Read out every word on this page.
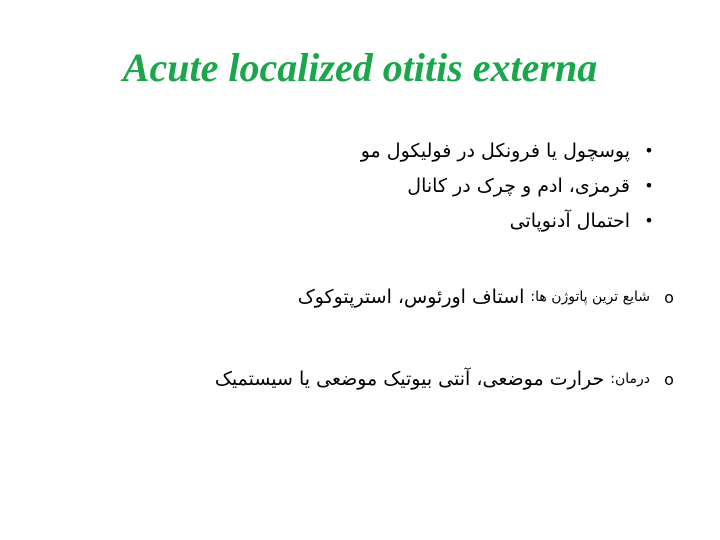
Acute localized otitis externa
•
پوسچول یا فرونکل در فولیکول مو
•
قرمزی، ادم و چرک در کانال
•
احتمال آدنوپاتی
o
شایع ترین پاتوژن ها:
استاف اورئوس، استرپتوکوک
o
درمان:
حرارت موضعی، آنتی بیوتیک موضعی یا سیستمیک
